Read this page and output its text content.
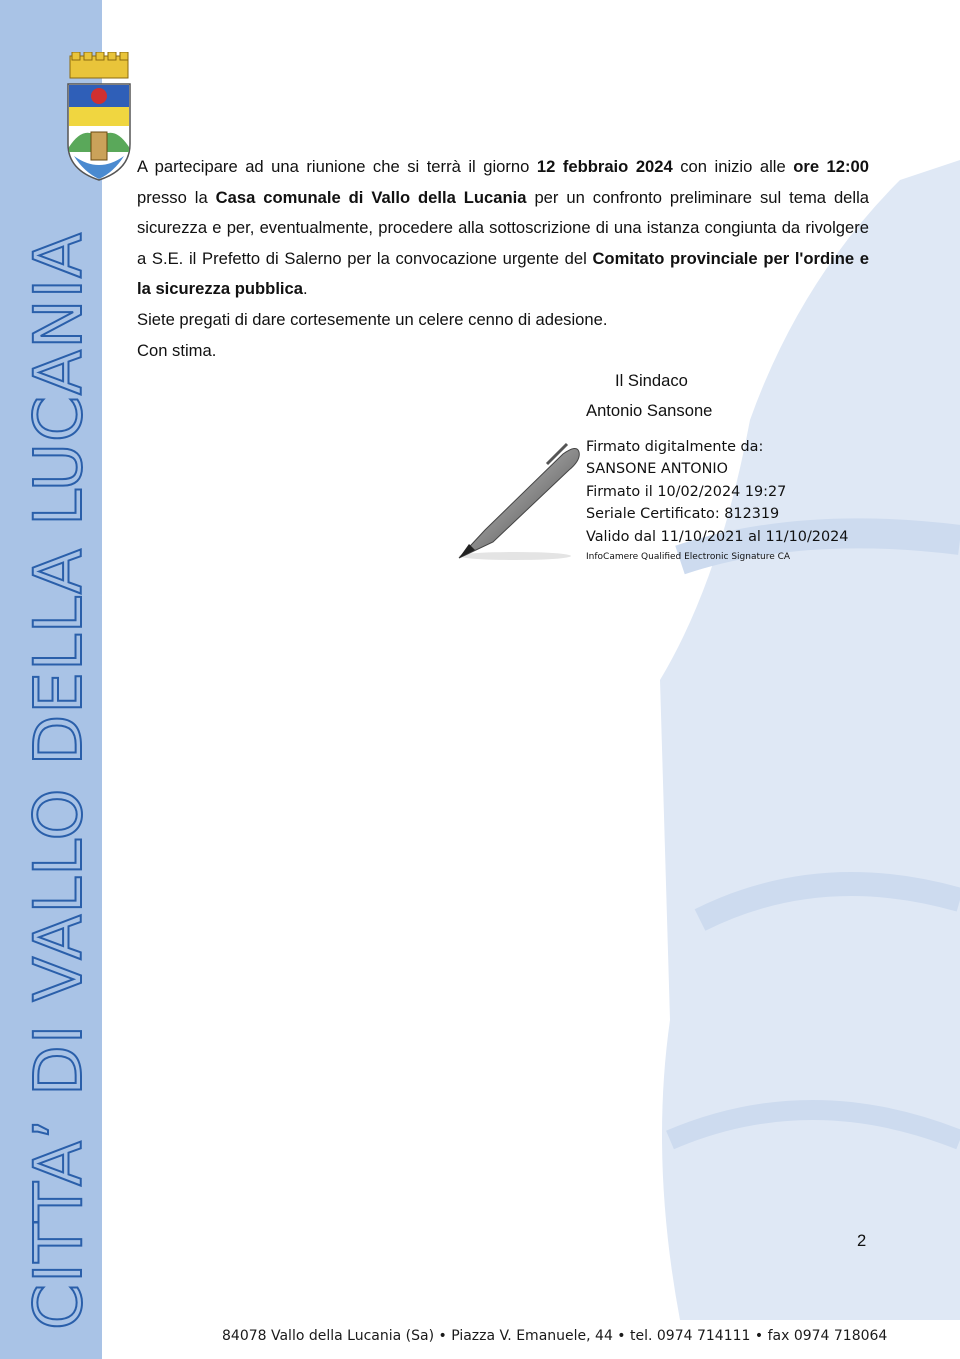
CITTA’ DI VALLO DELLA LUCANIA

A partecipare ad una riunione che si terrà il giorno 12 febbraio 2024 con inizio alle ore 12:00 presso la Casa comunale di Vallo della Lucania per un confronto preliminare sul tema della sicurezza e per, eventualmente, procedere alla sottoscrizione di una istanza congiunta da rivolgere a S.E. il Prefetto di Salerno per la convocazione urgente del Comitato provinciale per l'ordine e la sicurezza pubblica.

Siete pregati di dare cortesemente un celere cenno di adesione.

Con stima.

Il Sindaco
Antonio Sansone
Firmato digitalmente da:
SANSONE ANTONIO
Firmato il 10/02/2024 19:27
Seriale Certificato: 812319
Valido dal 11/10/2021 al 11/10/2024
InfoCamere Qualified Electronic Signature CA
2
84078 Vallo della Lucania (Sa) • Piazza V. Emanuele, 44 • tel. 0974 714111 • fax 0974 718064
